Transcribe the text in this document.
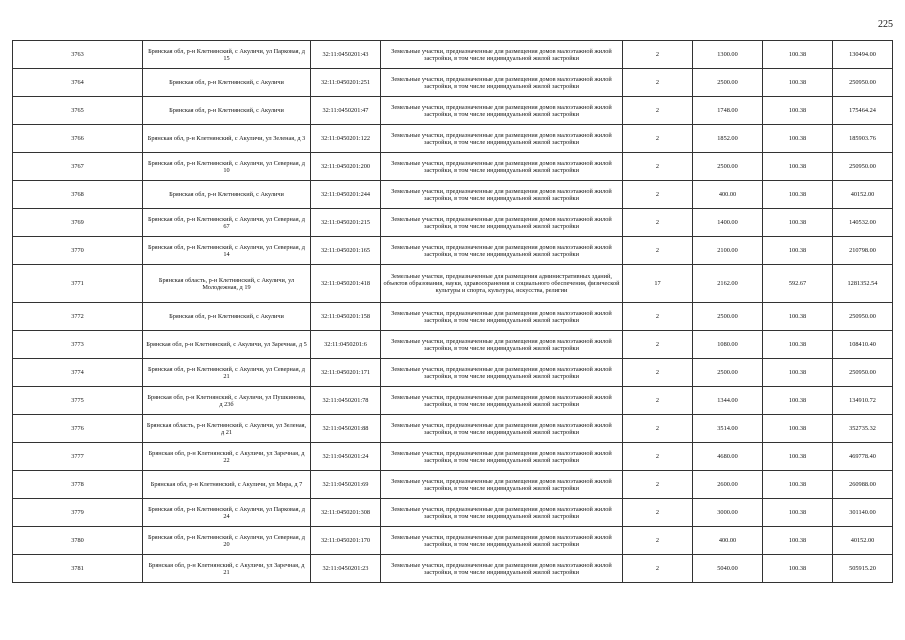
225
3763	Брянская обл, р-н Клетнянский, с Акуличи, ул Парковая, д 15	32:11:0450201:43	Земельные участки, предназначенные для размещения домов малоэтажной жилой застройки, в том числе индивидуальной жилой застройки	2	1300.00	100.38	130494.00
3764	Брянская обл, р-н Клетнянский, с Акуличи	32:11:0450201:251	Земельные участки, предназначенные для размещения домов малоэтажной жилой застройки, в том числе индивидуальной жилой застройки	2	2500.00	100.38	250950.00
3765	Брянская обл, р-н Клетнянский, с Акуличи	32:11:0450201:47	Земельные участки, предназначенные для размещения домов малоэтажной жилой застройки, в том числе индивидуальной жилой застройки	2	1748.00	100.38	175464.24
3766	Брянская обл, р-н Клетнянский, с Акуличи, ул Зеленая, д 3	32:11:0450201:122	Земельные участки, предназначенные для размещения домов малоэтажной жилой застройки, в том числе индивидуальной жилой застройки	2	1852.00	100.38	185903.76
3767	Брянская обл, р-н Клетнянский, с Акуличи, ул Северная, д 10	32:11:0450201:200	Земельные участки, предназначенные для размещения домов малоэтажной жилой застройки, в том числе индивидуальной жилой застройки	2	2500.00	100.38	250950.00
3768	Брянская обл, р-н Клетнянский, с Акуличи	32:11:0450201:244	Земельные участки, предназначенные для размещения домов малоэтажной жилой застройки, в том числе индивидуальной жилой застройки	2	400.00	100.38	40152.00
3769	Брянская обл, р-н Клетнянский, с Акуличи, ул Северная, д 67	32:11:0450201:215	Земельные участки, предназначенные для размещения домов малоэтажной жилой застройки, в том числе индивидуальной жилой застройки	2	1400.00	100.38	140532.00
3770	Брянская обл, р-н Клетнянский, с Акуличи, ул Северная, д 14	32:11:0450201:165	Земельные участки, предназначенные для размещения домов малоэтажной жилой застройки, в том числе индивидуальной жилой застройки	2	2100.00	100.38	210798.00
3771	Брянская область, р-н Клетнянский, с Акуличи, ул Молодежная, д 19	32:11:0450201:418	Земельные участки, предназначенные для размещения административных зданий, объектов образования, науки, здравоохранения и социального обеспечения, физической культуры и спорта, культуры, искусства, религии	17	2162.00	592.67	1281352.54
3772	Брянская обл, р-н Клетнянский, с Акуличи	32:11:0450201:158	Земельные участки, предназначенные для размещения домов малоэтажной жилой застройки, в том числе индивидуальной жилой застройки	2	2500.00	100.38	250950.00
3773	Брянская обл, р-н Клетнянский, с Акуличи, ул Заречная, д 5	32:11:0450201:6	Земельные участки, предназначенные для размещения домов малоэтажной жилой застройки, в том числе индивидуальной жилой застройки	2	1080.00	100.38	108410.40
3774	Брянская обл, р-н Клетнянский, с Акуличи, ул Северная, д 21	32:11:0450201:171	Земельные участки, предназначенные для размещения домов малоэтажной жилой застройки, в том числе индивидуальной жилой застройки	2	2500.00	100.38	250950.00
3775	Брянская обл, р-н Клетнянский, с Акуличи, ул Пушкинова, д 23б	32:11:0450201:78	Земельные участки, предназначенные для размещения домов малоэтажной жилой застройки, в том числе индивидуальной жилой застройки	2	1344.00	100.38	134910.72
3776	Брянская область, р-н Клетнянский, с Акуличи, ул Зеленая, д 21	32:11:0450201:88	Земельные участки, предназначенные для размещения домов малоэтажной жилой застройки, в том числе индивидуальной жилой застройки	2	3514.00	100.38	352735.32
3777	Брянская обл, р-н Клетнянский, с Акуличи, ул Заречная, д 22	32:11:0450201:24	Земельные участки, предназначенные для размещения домов малоэтажной жилой застройки, в том числе индивидуальной жилой застройки	2	4680.00	100.38	469778.40
3778	Брянская обл, р-н Клетнянский, с Акуличи, ул Мира, д 7	32:11:0450201:69	Земельные участки, предназначенные для размещения домов малоэтажной жилой застройки, в том числе индивидуальной жилой застройки	2	2600.00	100.38	260988.00
3779	Брянская обл, р-н Клетнянский, с Акуличи, ул Парковая, д 24	32:11:0450201:308	Земельные участки, предназначенные для размещения домов малоэтажной жилой застройки, в том числе индивидуальной жилой застройки	2	3000.00	100.38	301140.00
3780	Брянская обл, р-н Клетнянский, с Акуличи, ул Северная, д 20	32:11:0450201:170	Земельные участки, предназначенные для размещения домов малоэтажной жилой застройки, в том числе индивидуальной жилой застройки	2	400.00	100.38	40152.00
3781	Брянская обл, р-н Клетнянский, с Акуличи, ул Заречная, д 21	32:11:0450201:23	Земельные участки, предназначенные для размещения домов малоэтажной жилой застройки, в том числе индивидуальной жилой застройки	2	5040.00	100.38	505915.20
